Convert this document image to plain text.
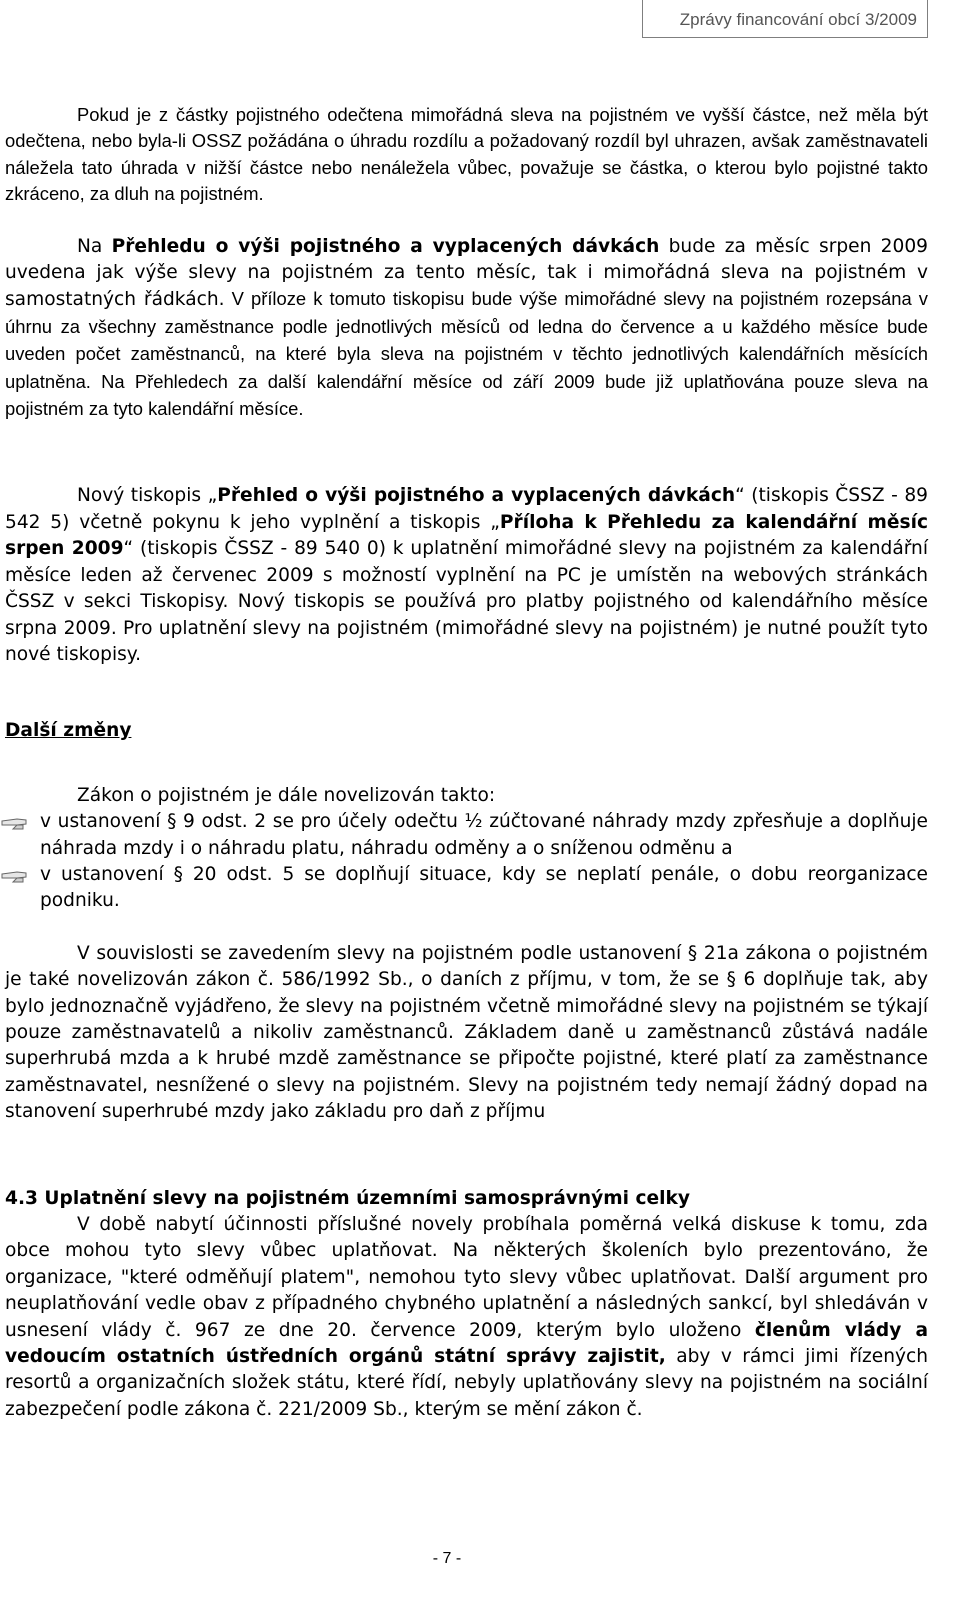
Zprávy financování obcí 3/2009

Pokud je z částky pojistného odečtena mimořádná sleva na pojistném ve vyšší částce, než měla být odečtena, nebo byla-li OSSZ požádána o úhradu rozdílu a požadovaný rozdíl byl uhrazen, avšak zaměstnavateli náležela tato úhrada v nižší částce nebo nenáležela vůbec, považuje se částka, o kterou bylo pojistné takto zkráceno, za dluh na pojistném.

Na Přehledu o výši pojistného a vyplacených dávkách bude za měsíc srpen 2009 uvedena jak výše slevy na pojistném za tento měsíc, tak i mimořádná sleva na pojistném v samostatných řádkách. V příloze k tomuto tiskopisu bude výše mimořádné slevy na pojistném rozepsána v úhrnu za všechny zaměstnance podle jednotlivých měsíců od ledna do července a u každého měsíce bude uveden počet zaměstnanců, na které byla sleva na pojistném v těchto jednotlivých kalendářních měsících uplatněna. Na Přehledech za další kalendářní měsíce od září 2009 bude již uplatňována pouze sleva na pojistném za tyto kalendářní měsíce.

Nový tiskopis „Přehled o výši pojistného a vyplacených dávkách“ (tiskopis ČSSZ - 89 542 5) včetně pokynu k jeho vyplnění a tiskopis „Příloha k Přehledu za kalendářní měsíc srpen 2009“ (tiskopis ČSSZ - 89 540 0) k uplatnění mimořádné slevy na pojistném za kalendářní měsíce leden až červenec 2009 s možností vyplnění na PC je umístěn na webových stránkách ČSSZ v sekci Tiskopisy. Nový tiskopis se používá pro platby pojistného od kalendářního měsíce srpna 2009. Pro uplatnění slevy na pojistném (mimořádné slevy na pojistném) je nutné použít tyto nové tiskopisy.

Další změny

Zákon o pojistném je dále novelizován takto:

v ustanovení § 9 odst. 2 se pro účely odečtu ½ zúčtované náhrady mzdy zpřesňuje a doplňuje náhrada mzdy i o náhradu platu, náhradu odměny a o sníženou odměnu a
v ustanovení § 20 odst. 5 se doplňují situace, kdy se neplatí penále, o dobu reorganizace podniku.

V souvislosti se zavedením slevy na pojistném podle ustanovení § 21a zákona o pojistném je také novelizován zákon č. 586/1992 Sb., o daních z příjmu, v tom, že se § 6 doplňuje tak, aby bylo jednoznačně vyjádřeno, že slevy na pojistném včetně mimořádné slevy na pojistném se týkají pouze zaměstnavatelů a nikoliv zaměstnanců. Základem daně u zaměstnanců zůstává nadále superhrubá mzda a k hrubé mzdě zaměstnance se připočte pojistné, které platí za zaměstnance zaměstnavatel, nesnížené o slevy na pojistném. Slevy na pojistném tedy nemají žádný dopad na stanovení superhrubé mzdy jako základu pro daň z příjmu

4.3 Uplatnění slevy na pojistném územními samosprávnými celky

V době nabytí účinnosti příslušné novely probíhala poměrná velká diskuse k tomu, zda obce mohou tyto slevy vůbec uplatňovat. Na některých školeních bylo prezentováno, že organizace, "které odměňují platem", nemohou tyto slevy vůbec uplatňovat. Další argument pro neuplatňování vedle obav z případného chybného uplatnění a následných sankcí, byl shledáván v usnesení vlády č. 967 ze dne 20. července 2009, kterým bylo uloženo členům vlády a vedoucím ostatních ústředních orgánů státní správy zajistit, aby v rámci jimi řízených resortů a organizačních složek státu, které řídí, nebyly uplatňovány slevy na pojistném na sociální zabezpečení podle zákona č. 221/2009 Sb., kterým se mění zákon č.

- 7 -
